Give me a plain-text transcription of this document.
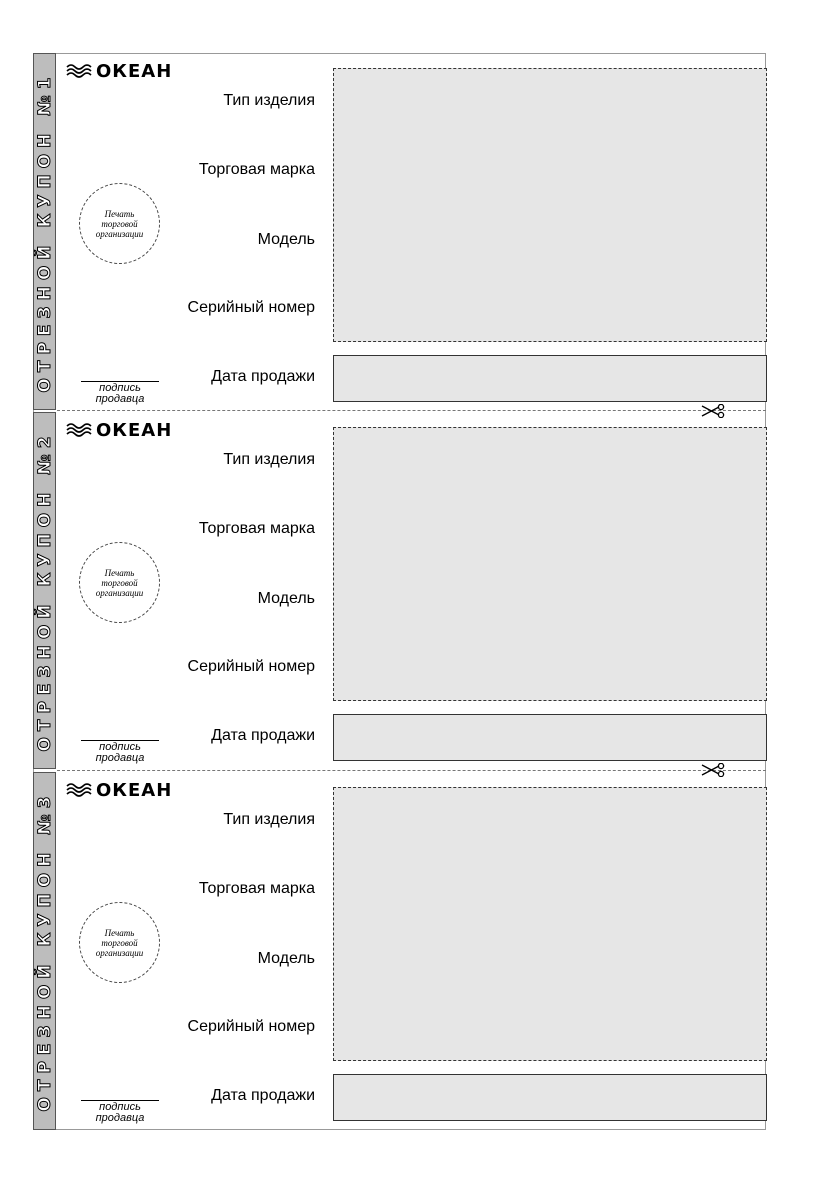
ОТРЕЗНОЙ КУПОН №1 ОКЕАН
Тип изделия
Торговая марка
Модель
Серийный номер
Дата продажи
Печать торговой организации
подпись продавца
ОТРЕЗНОЙ КУПОН №2 ОКЕАН
Тип изделия
Торговая марка
Модель
Серийный номер
Дата продажи
Печать торговой организации
подпись продавца
ОТРЕЗНОЙ КУПОН №3
ОКЕАН
Тип изделия
Торговая марка
Модель
Серийный номер
Дата продажи
Печать торговой организации
подпись продавца
